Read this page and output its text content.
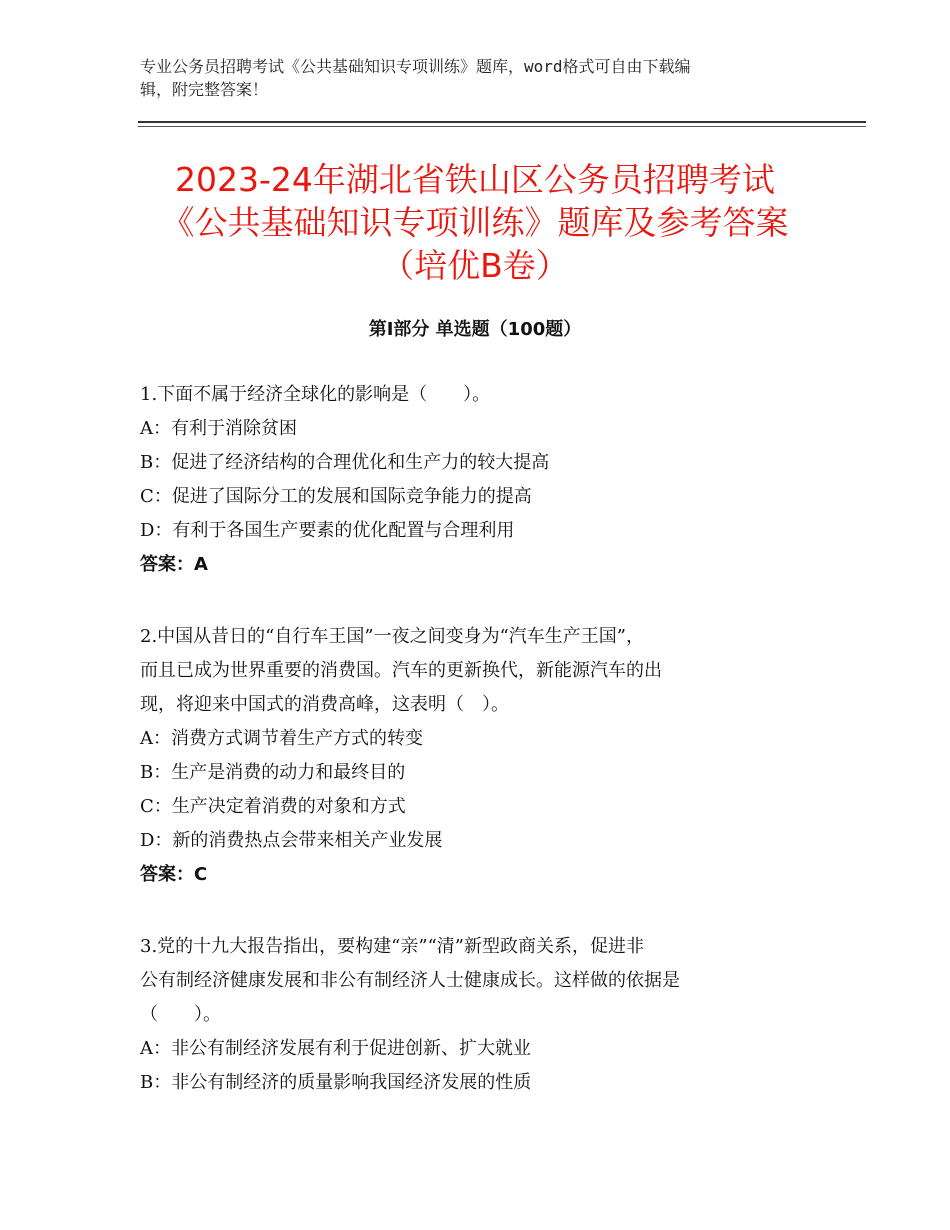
专业公务员招聘考试《公共基础知识专项训练》题库，word格式可自由下载编
辑，附完整答案！
2023-24年湖北省铁山区公务员招聘考试
《公共基础知识专项训练》题库及参考答案
（培优B卷）
第Ⅰ部分 单选题（100题）
1.下面不属于经济全球化的影响是（　　）。
A：有利于消除贫困
B：促进了经济结构的合理优化和生产力的较大提高
C：促进了国际分工的发展和国际竞争能力的提高
D：有利于各国生产要素的优化配置与合理利用
答案：A
2.中国从昔日的“自行车王国”一夜之间变身为“汽车生产王国”，
而且已成为世界重要的消费国。汽车的更新换代，新能源汽车的出
现，将迎来中国式的消费高峰，这表明（　）。
A：消费方式调节着生产方式的转变
B：生产是消费的动力和最终目的
C：生产决定着消费的对象和方式
D：新的消费热点会带来相关产业发展
答案：C
3.党的十九大报告指出，要构建“亲”“清”新型政商关系，促进非
公有制经济健康发展和非公有制经济人士健康成长。这样做的依据是
（　　）。
A：非公有制经济发展有利于促进创新、扩大就业
B：非公有制经济的质量影响我国经济发展的性质
